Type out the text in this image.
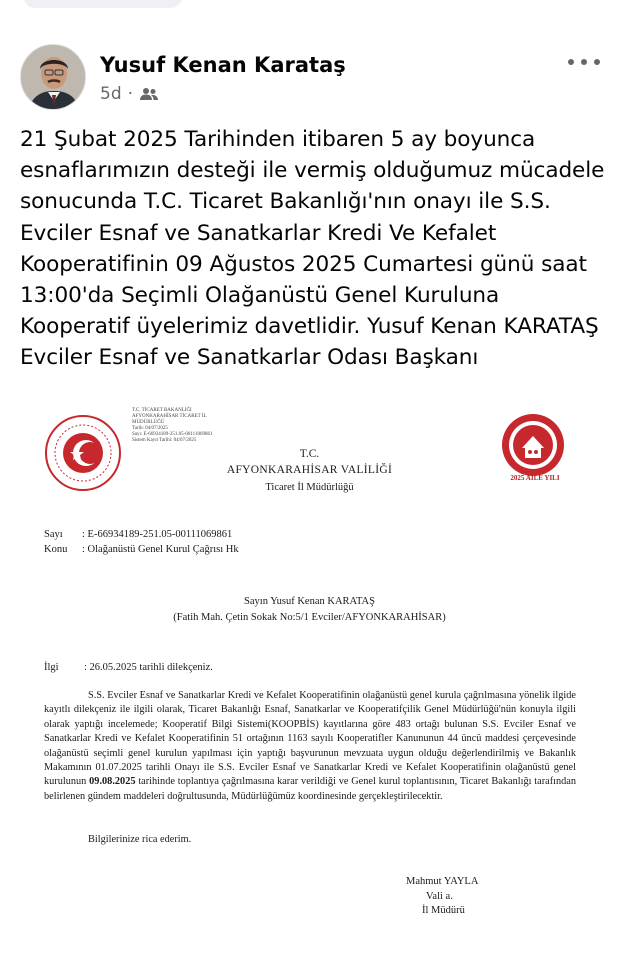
Yusuf Kenan Karataş
5d ·
21 Şubat 2025 Tarihinden itibaren 5 ay boyunca esnaflarımızın desteği ile vermiş olduğumuz mücadele sonucunda T.C. Ticaret Bakanlığı'nın onayı ile S.S. Evciler Esnaf ve Sanatkarlar Kredi Ve Kefalet Kooperatifinin 09 Ağustos 2025 Cumartesi günü saat 13:00'da Seçimli Olağanüstü Genel Kuruluna Kooperatif üyelerimiz davetlidir. Yusuf Kenan KARATAŞ Evciler Esnaf ve Sanatkarlar Odası Başkanı
T.C. TİCARET BAKANLIĞI
AFYONKARAHİSAR TİCARET İL
MÜDÜRLÜĞÜ
Tarih: 04/07/2025
Sayı: E-66934189-251.05-00111069861
Sistem Kayıt Tarihi: 04/07/2025
2025 AİLE YILI
T.C.
AFYONKARAHİSAR VALİLİĞİ
Ticaret İl Müdürlüğü
Sayı : E-66934189-251.05-00111069861
Konu : Olağanüstü Genel Kurul Çağrısı Hk
Sayın Yusuf Kenan KARATAŞ
(Fatih Mah. Çetin Sokak No:5/1 Evciler/AFYONKARAHİSAR)
İlgi : 26.05.2025 tarihli dilekçeniz.
S.S. Evciler Esnaf ve Sanatkarlar Kredi ve Kefalet Kooperatifinin olağanüstü genel kurula çağrılmasına yönelik ilgide kayıtlı dilekçeniz ile ilgili olarak, Ticaret Bakanlığı Esnaf, Sanatkarlar ve Kooperatifçilik Genel Müdürlüğü'nün konuyla ilgili olarak yaptığı incelemede; Kooperatif Bilgi Sistemi(KOOPBİS) kayıtlarına göre 483 ortağı bulunan S.S. Evciler Esnaf ve Sanatkarlar Kredi ve Kefalet Kooperatifinin 51 ortağının 1163 sayılı Kooperatifler Kanununun 44 üncü maddesi çerçevesinde olağanüstü seçimli genel kurulun yapılması için yaptığı başvurunun mevzuata uygun olduğu değerlendirilmiş ve Bakanlık Makamının 01.07.2025 tarihli Onayı ile S.S. Evciler Esnaf ve Sanatkarlar Kredi ve Kefalet Kooperatifinin olağanüstü genel kurulunun 09.08.2025 tarihinde toplantıya çağrılmasına karar verildiği ve Genel kurul toplantısının, Ticaret Bakanlığı tarafından belirlenen gündem maddeleri doğrultusunda, Müdürlüğümüz koordinesinde gerçekleştirilecektir.
Bilgilerinize rica ederim.
Mahmut YAYLA
Vali a.
İl Müdürü
